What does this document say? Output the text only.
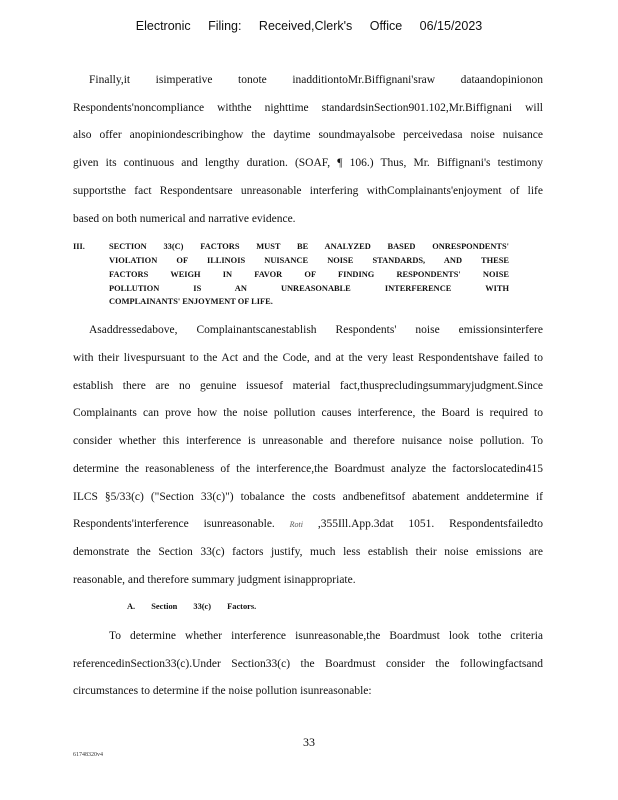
Electronic Filing: Received,Clerk's Office 06/15/2023
Finally,it isimperative tonote inadditiontoMr.Biffignani'sraw dataandopinionon
Respondents'noncompliance withthe nighttime standardsinSection901.102,Mr.Biffignani will
also offer anopiniondescribinghow the daytime soundmayalsobe perceivedasa noise nuisance
given its continuous and lengthy duration. (SOAF, ¶ 106.) Thus, Mr. Biffignani's testimony
supportsthe fact Respondentsare unreasonable interfering withComplainants'enjoyment of life
based on both numerical and narrative evidence.
III.	SECTION 33(C) FACTORS MUST BE ANALYZED BASED ONRESPONDENTS'
VIOLATION OF ILLINOIS NUISANCE NOISE STANDARDS, AND THESE
FACTORS WEIGH IN FAVOR OF FINDING RESPONDENTS' NOISE
POLLUTION IS AN UNREASONABLE INTERFERENCE WITH
COMPLAINANTS' ENJOYMENT OF LIFE.
Asaddressedabove, Complainantscanestablish Respondents' noise emissionsinterfere
with their livespursuant to the Act and the Code, and at the very least Respondentshave failed to
establish there are no genuine issuesof material fact,thusprecludingsummaryjudgment.Since
Complainants can prove how the noise pollution causes interference, the Board is required to
consider whether this interference is unreasonable and therefore nuisance noise pollution. To
determine the reasonableness of the interference,the Boardmust analyze the factorslocatedin415
ILCS §5/33(c) ("Section 33(c)") tobalance the costs andbenefitsof abatement anddetermine if
Respondents'interference isunreasonable. Roti ,355Ill.App.3dat 1051. Respondentsfailedto
demonstrate the Section 33(c) factors justify, much less establish their noise emissions are
reasonable, and therefore summary judgment isinappropriate.
A. Section 33(c) Factors.
To determine whether interference isunreasonable,the Boardmust look tothe criteria
referencedinSection33(c).Under Section33(c) the Boardmust consider the followingfactsand
circumstances to determine if the noise pollution isunreasonable:
33
61748320v4
